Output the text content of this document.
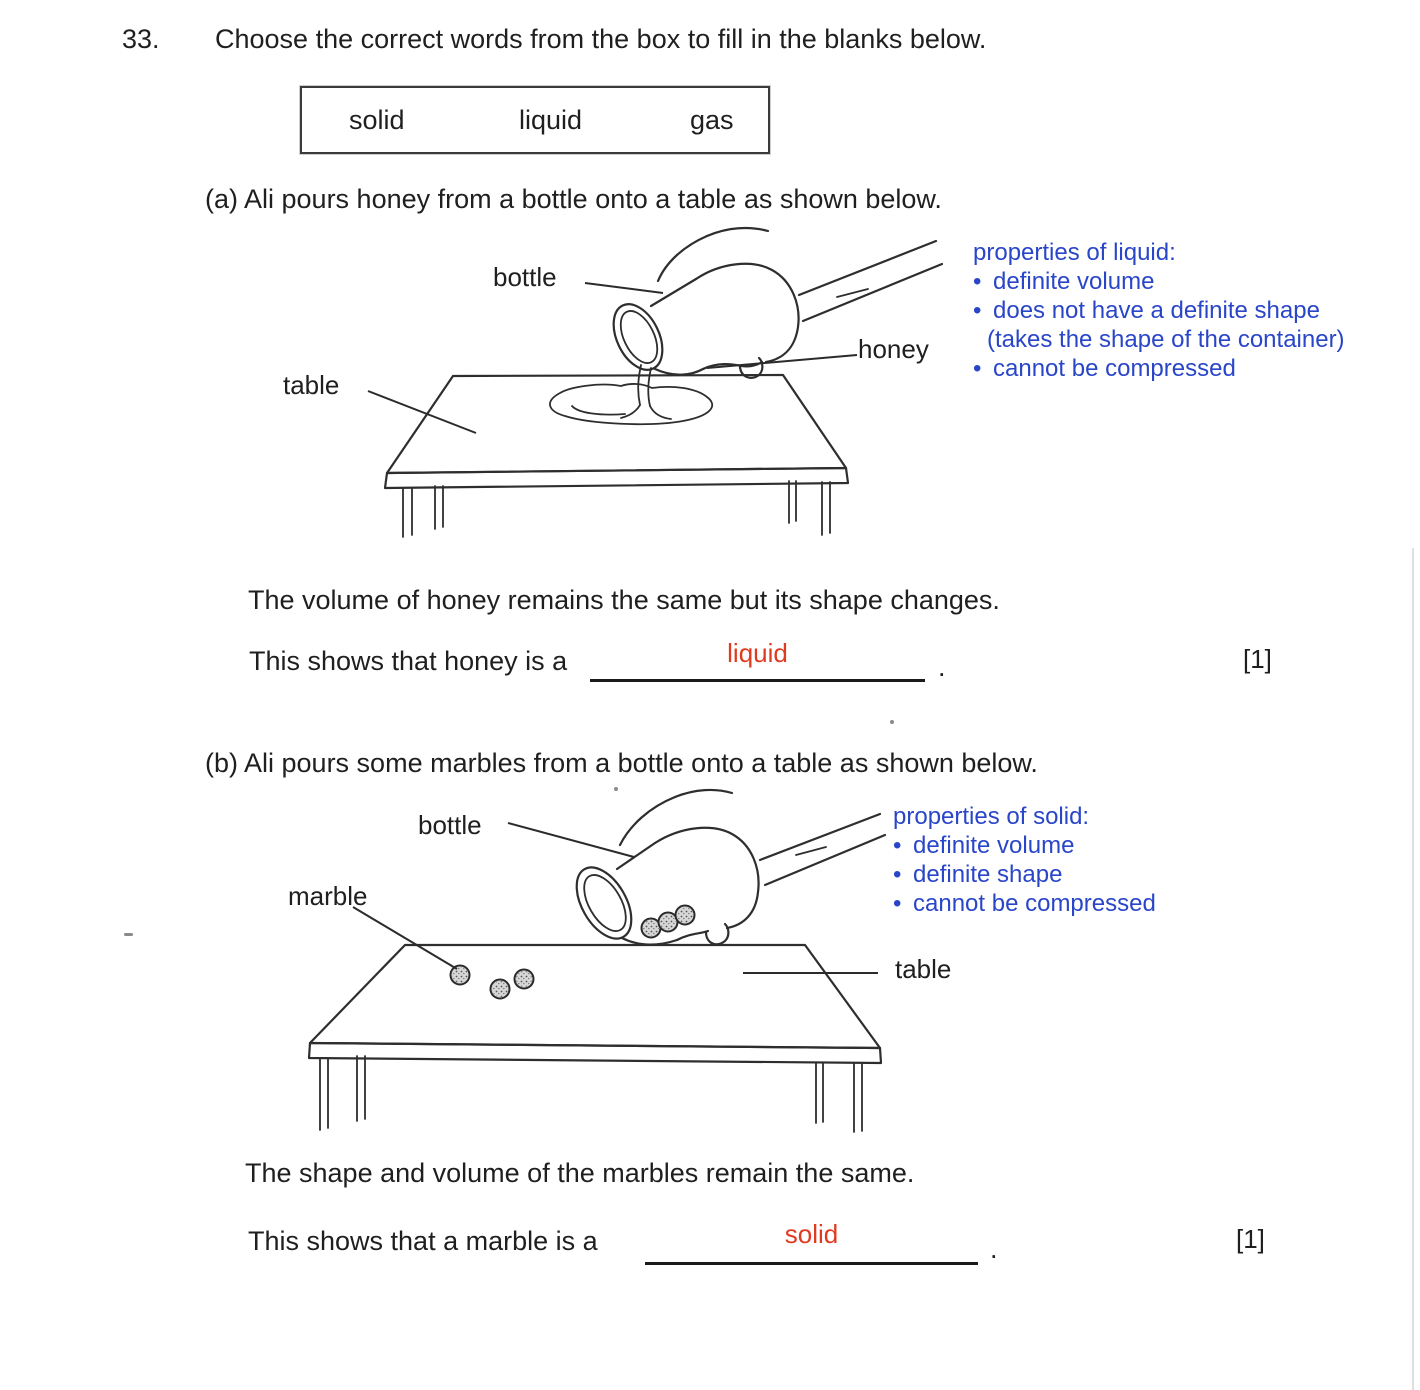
33. Choose the correct words from the box to fill in the blanks below.
solid	liquid	gas
(a) Ali pours honey from a bottle onto a table as shown below.
bottle
honey
table
properties of liquid:
• definite volume
• does not have a definite shape
(takes the shape of the container)
• cannot be compressed
The volume of honey remains the same but its shape changes.
This shows that honey is a	liquid	.	[1]
(b) Ali pours some marbles from a bottle onto a table as shown below.
bottle
marble
table
properties of solid:
• definite volume
• definite shape
• cannot be compressed
The shape and volume of the marbles remain the same.
This shows that a marble is a	solid	.	[1]
